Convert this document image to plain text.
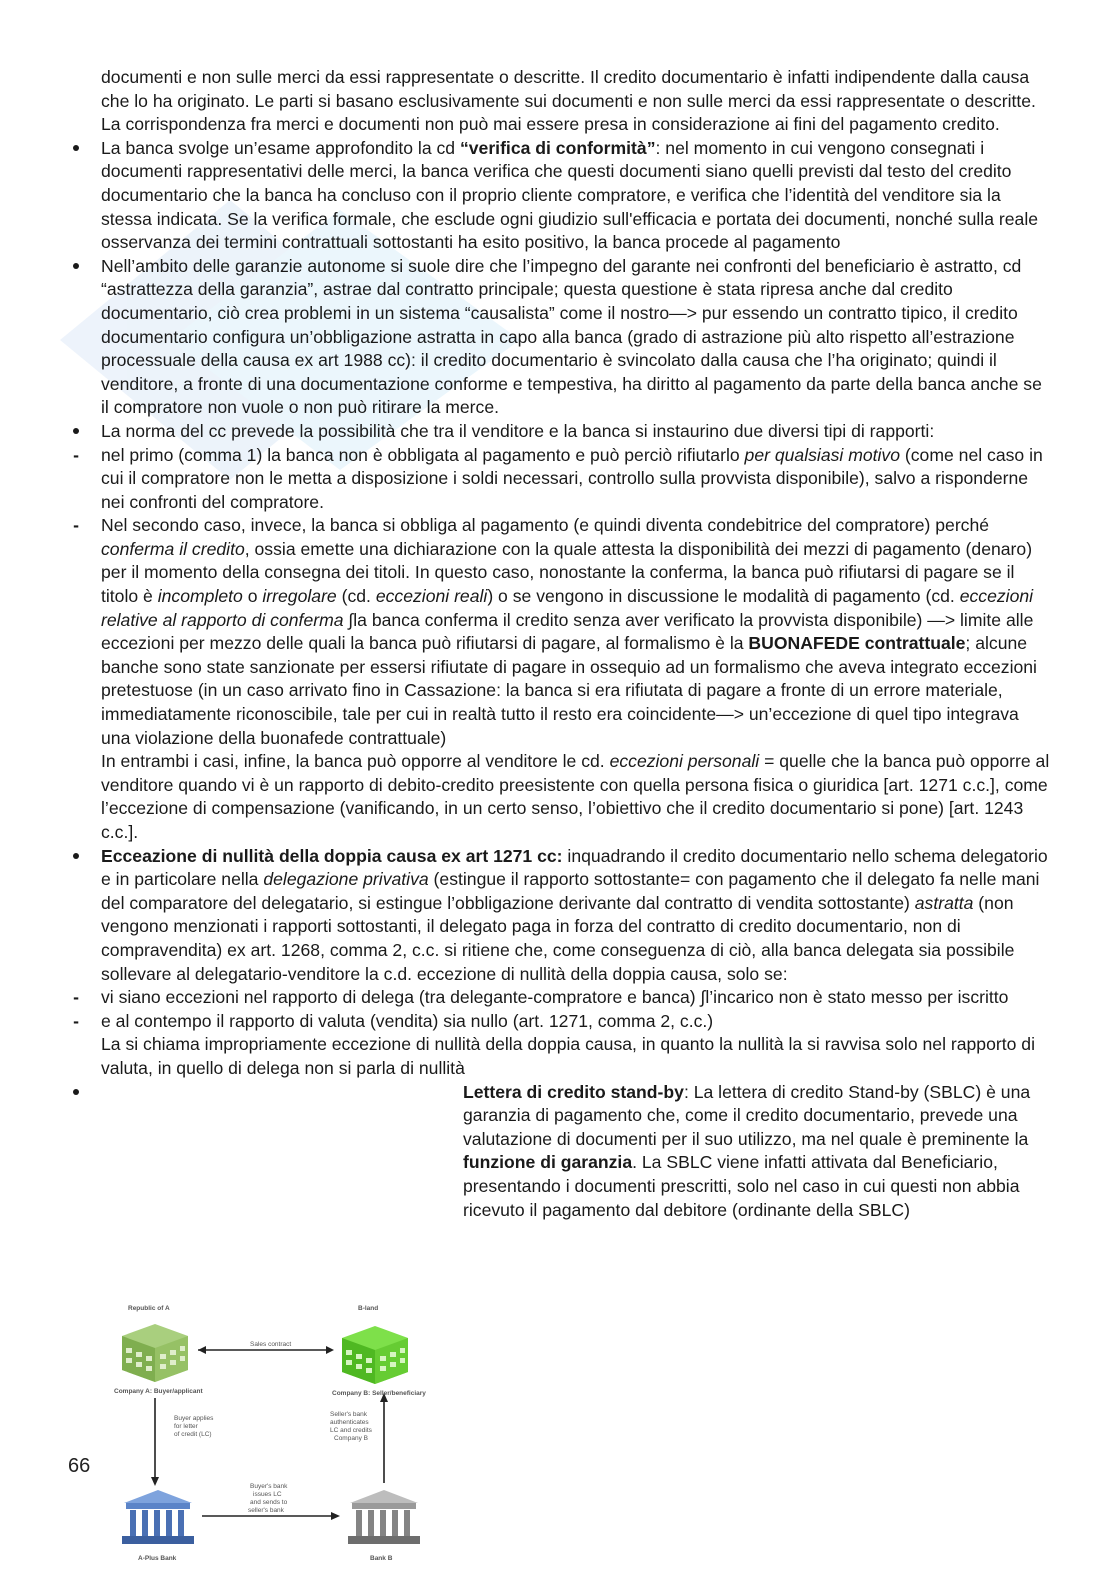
documenti e non sulle merci da essi rappresentate o descritte. Il credito documentario è infatti indipendente dalla causa che lo ha originato. Le parti si basano esclusivamente sui documenti e non sulle merci da essi rappresentate o descritte. La corrispondenza fra merci e documenti non può mai essere presa in considerazione ai fini del pagamento credito.

La banca svolge un’esame approfondito la cd “verifica di conformità”: nel momento in cui vengono consegnati i documenti rappresentativi delle merci, la banca verifica che questi documenti siano quelli previsti dal testo del credito documentario che la banca ha concluso con il proprio cliente compratore, e verifica che l’identità del venditore sia la stessa indicata. Se la verifica formale, che esclude ogni giudizio sull'efficacia e portata dei documenti, nonché sulla reale osservanza dei termini contrattuali sottostanti ha esito positivo, la banca procede al pagamento

Nell’ambito delle garanzie autonome si suole dire che l’impegno del garante nei confronti del beneficiario è astratto, cd “astrattezza della garanzia”, astrae dal contratto principale; questa questione è stata ripresa anche dal credito documentario, ciò crea problemi in un sistema “causalista” come il nostro—> pur essendo un contratto tipico, il credito documentario configura un’obbligazione astratta in capo alla banca (grado di astrazione più alto rispetto all’estrazione processuale della causa ex art 1988 cc): il credito documentario è svincolato dalla causa che l’ha originato; quindi il venditore, a fronte di una documentazione conforme e tempestiva, ha diritto al pagamento da parte della banca anche se il compratore non vuole o non può ritirare la merce.

La norma del cc prevede la possibilità che tra il venditore e la banca si instaurino due diversi tipi di rapporti:

-	nel primo (comma 1) la banca non è obbligata al pagamento e può perciò rifiutarlo per qualsiasi motivo (come nel caso in cui il compratore non le metta a disposizione i soldi necessari, controllo sulla provvista disponibile), salvo a risponderne nei confronti del compratore.

-	Nel secondo caso, invece, la banca si obbliga al pagamento (e quindi diventa condebitrice del compratore) perché conferma il credito, ossia emette una dichiarazione con la quale attesta la disponibilità dei mezzi di pagamento (denaro) per il momento della consegna dei titoli. In questo caso, nonostante la conferma, la banca può rifiutarsi di pagare se il titolo è incompleto o irregolare (cd. eccezioni reali) o se vengono in discussione le modalità di pagamento (cd. eccezioni relative al rapporto di conferma ∫la banca conferma il credito senza aver verificato la provvista disponibile) —> limite alle eccezioni per mezzo delle quali la banca può rifiutarsi di pagare, al formalismo è la BUONAFEDE contrattuale; alcune banche sono state sanzionate per essersi rifiutate di pagare in ossequio ad un formalismo che aveva integrato eccezioni pretestuose (in un caso arrivato fino in Cassazione: la banca si era rifiutata di pagare a fronte di un errore materiale, immediatamente riconoscibile, tale per cui in realtà tutto il resto era coincidente—> un’eccezione di quel tipo integrava una violazione della buonafede contrattuale)

In entrambi i casi, infine, la banca può opporre al venditore le cd. eccezioni personali = quelle che la banca può opporre al venditore quando vi è un rapporto di debito-credito preesistente con quella persona fisica o giuridica [art. 1271 c.c.], come l’eccezione di compensazione (vanificando, in un certo senso, l’obiettivo che il credito documentario si pone) [art. 1243 c.c.].

Ecceazione di nullità della doppia causa ex art 1271 cc: inquadrando il credito documentario nello schema delegatorio e in particolare nella delegazione privativa (estingue il rapporto sottostante= con pagamento che il delegato fa nelle mani del comparatore del delegatario, si estingue l’obbligazione derivante dal contratto di vendita sottostante) astratta (non vengono menzionati i rapporti sottostanti, il delegato paga in forza del contratto di credito documentario, non di compravendita) ex art. 1268, comma 2, c.c. si ritiene che, come conseguenza di ciò, alla banca delegata sia possibile sollevare al delegatario-venditore la c.d. eccezione di nullità della doppia causa, solo se:

-	vi siano eccezioni nel rapporto di delega (tra delegante-compratore e banca) ∫l’incarico non è stato messo per iscritto

-	e al contempo il rapporto di valuta (vendita) sia nullo (art. 1271, comma 2, c.c.)

La si chiama impropriamente eccezione di nullità della doppia causa, in quanto la nullità la si ravvisa solo nel rapporto di valuta, in quello di delega non si parla di nullità

Lettera di credito stand-by: La lettera di credito Stand-by (SBLC) è una garanzia di pagamento che, come il credito documentario, prevede una valutazione di documenti per il suo utilizzo, ma nel quale è preminente la funzione di garanzia. La SBLC viene infatti attivata dal Beneficiario, presentando i documenti prescritti, solo nel caso in cui questi non abbia ricevuto il pagamento dal debitore (ordinante della SBLC)

Republic of A	B-land
Sales contract
Company A: Buyer/applicant	Company B: Seller/beneficiary
Buyer applies
for letter
of credit (LC)
Seller's bank
authenticates
LC and credits
Company B
Buyer's bank
issues LC
and sends to
seller's bank
A-Plus Bank	Bank B
66
